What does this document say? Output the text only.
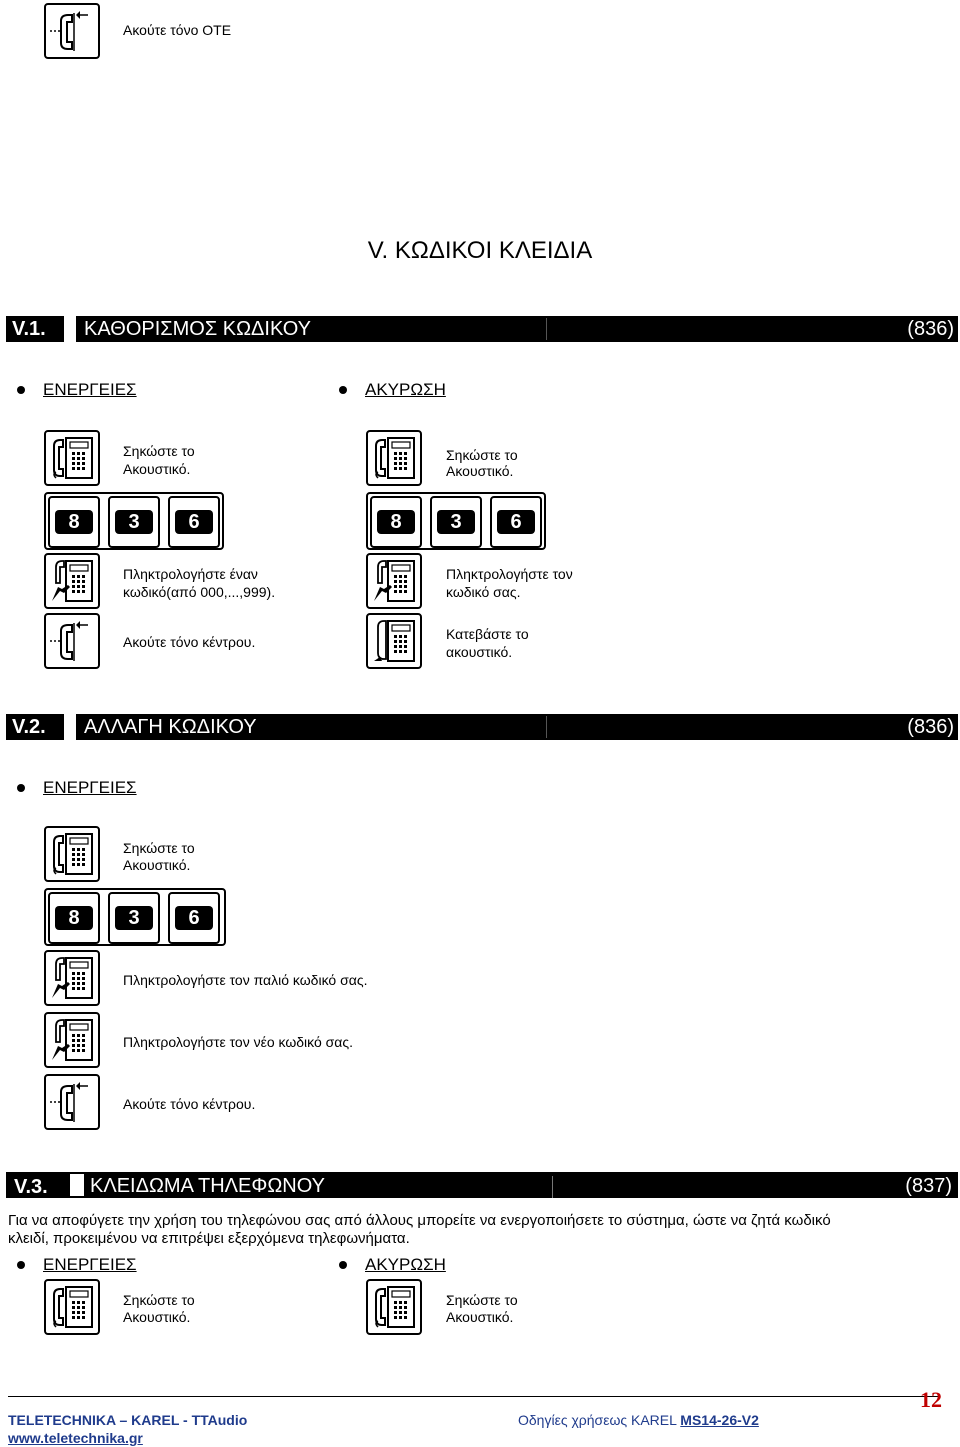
Ακούτε τόνο ΟΤΕ
V. ΚΩΔΙΚΟΙ ΚΛΕΙΔΙΑ
V.1. ΚΑΘΟΡΙΣΜΟΣ ΚΩΔΙΚΟΥ	(836)
ΕΝΕΡΓΕΙΕΣ	ΑΚΥΡΩΣΗ
Σηκώστε το
Ακουστικό.
8	3	6
Πληκτρολογήστε έναν
κωδικό(από 000,...,999).
Ακούτε τόνο κέντρου.
Σηκώστε το
Ακουστικό.
8	3	6
Πληκτρολογήστε τον
κωδικό σας.
Κατεβάστε το
ακουστικό.
V.2. ΑΛΛΑΓΗ ΚΩΔΙΚΟΥ	(836)
ΕΝΕΡΓΕΙΕΣ
Σηκώστε το
Ακουστικό.
8	3	6
Πληκτρολογήστε τον παλιό κωδικό σας.
Πληκτρολογήστε τον νέο κωδικό σας.
Ακούτε τόνο κέντρου.
V.3. ΚΛΕΙΔΩΜΑ ΤΗΛΕΦΩΝΟΥ	(837)
Για να αποφύγετε την χρήση του τηλεφώνου σας από άλλους μπορείτε να ενεργοποιήσετε το σύστημα, ώστε να ζητά κωδικό
κλειδί, προκειμένου να επιτρέψει εξερχόμενα τηλεφωνήματα.
ΕΝΕΡΓΕΙΕΣ	ΑΚΥΡΩΣΗ
Σηκώστε το
Ακουστικό.
Σηκώστε το
Ακουστικό.
12
TELETECHNIKA – KAREL - TTAudio
www.teletechnika.gr
Οδηγίες χρήσεως KAREL MS14-26-V2
